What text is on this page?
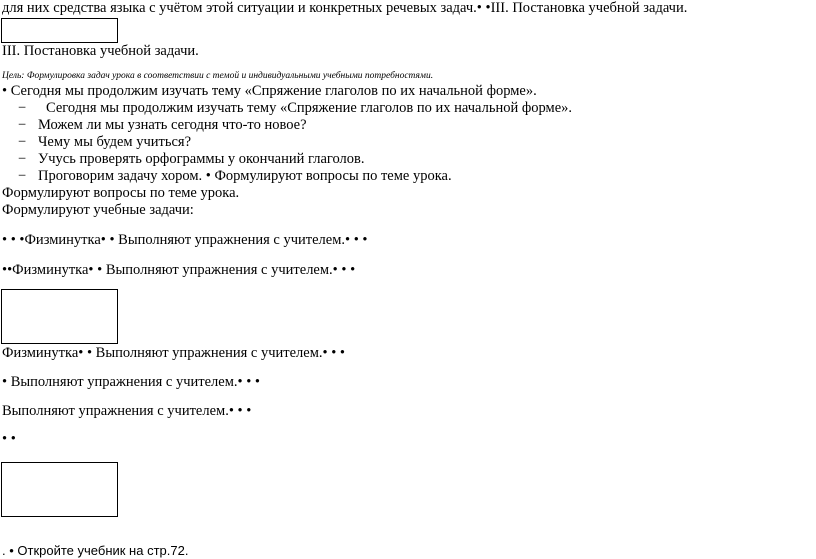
для них средства языка с учётом этой ситуации и конкретных речевых задач.• •III. Постановка учебной задачи.
III. Постановка учебной задачи.
Цель: Формулировка задач урока в соответствии с темой и индивидуальными учебными потребностями.
• Сегодня мы продолжим изучать тему «Спряжение глаголов по их начальной форме».
− Сегодня мы продолжим изучать тему «Спряжение глаголов по их начальной форме».
− Можем ли мы узнать сегодня что-то новое?
− Чему мы будем учиться?
− Учусь проверять орфограммы у окончаний глаголов.
− Проговорим задачу хором. • Формулируют вопросы по теме урока.
Формулируют вопросы по теме урока.
Формулируют учебные задачи:
• • •Физминутка• • Выполняют упражнения с учителем.• • •
••Физминутка• • Выполняют упражнения с учителем.• • •
Физминутка• • Выполняют упражнения с учителем.• • •
• Выполняют упражнения с учителем.• • •
Выполняют упражнения с учителем.• • •
• •
. • Откройте учебник на стр.72.
